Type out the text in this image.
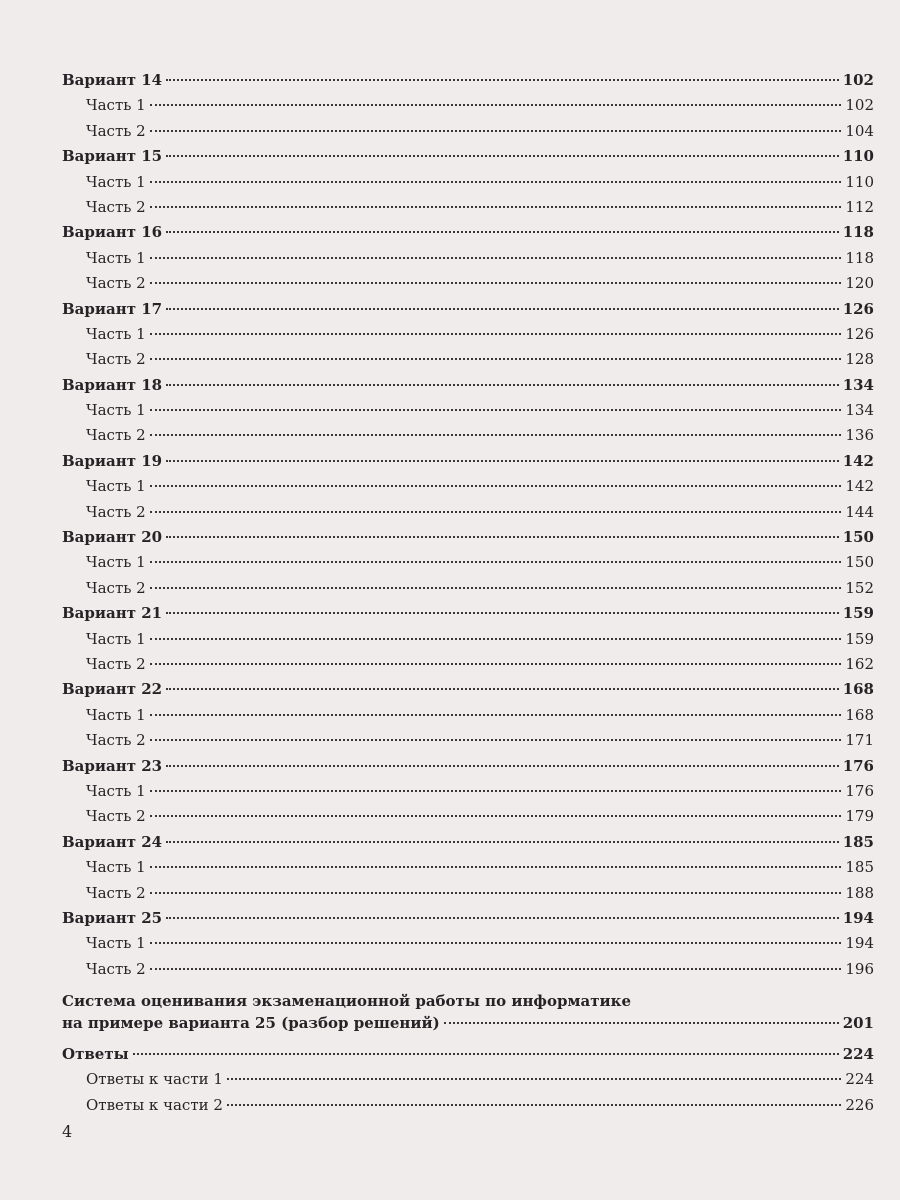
Вариант 14	102
Часть 1	102
Часть 2	104
Вариант 15	110
Часть 1	110
Часть 2	112
Вариант 16	118
Часть 1	118
Часть 2	120
Вариант 17	126
Часть 1	126
Часть 2	128
Вариант 18	134
Часть 1	134
Часть 2	136
Вариант 19	142
Часть 1	142
Часть 2	144
Вариант 20	150
Часть 1	150
Часть 2	152
Вариант 21	159
Часть 1	159
Часть 2	162
Вариант 22	168
Часть 1	168
Часть 2	171
Вариант 23	176
Часть 1	176
Часть 2	179
Вариант 24	185
Часть 1	185
Часть 2	188
Вариант 25	194
Часть 1	194
Часть 2	196
Система оценивания экзаменационной работы по информатике
на примере варианта 25 (разбор решений)	201
Ответы	224
Ответы к части 1	224
Ответы к части 2	226
4
